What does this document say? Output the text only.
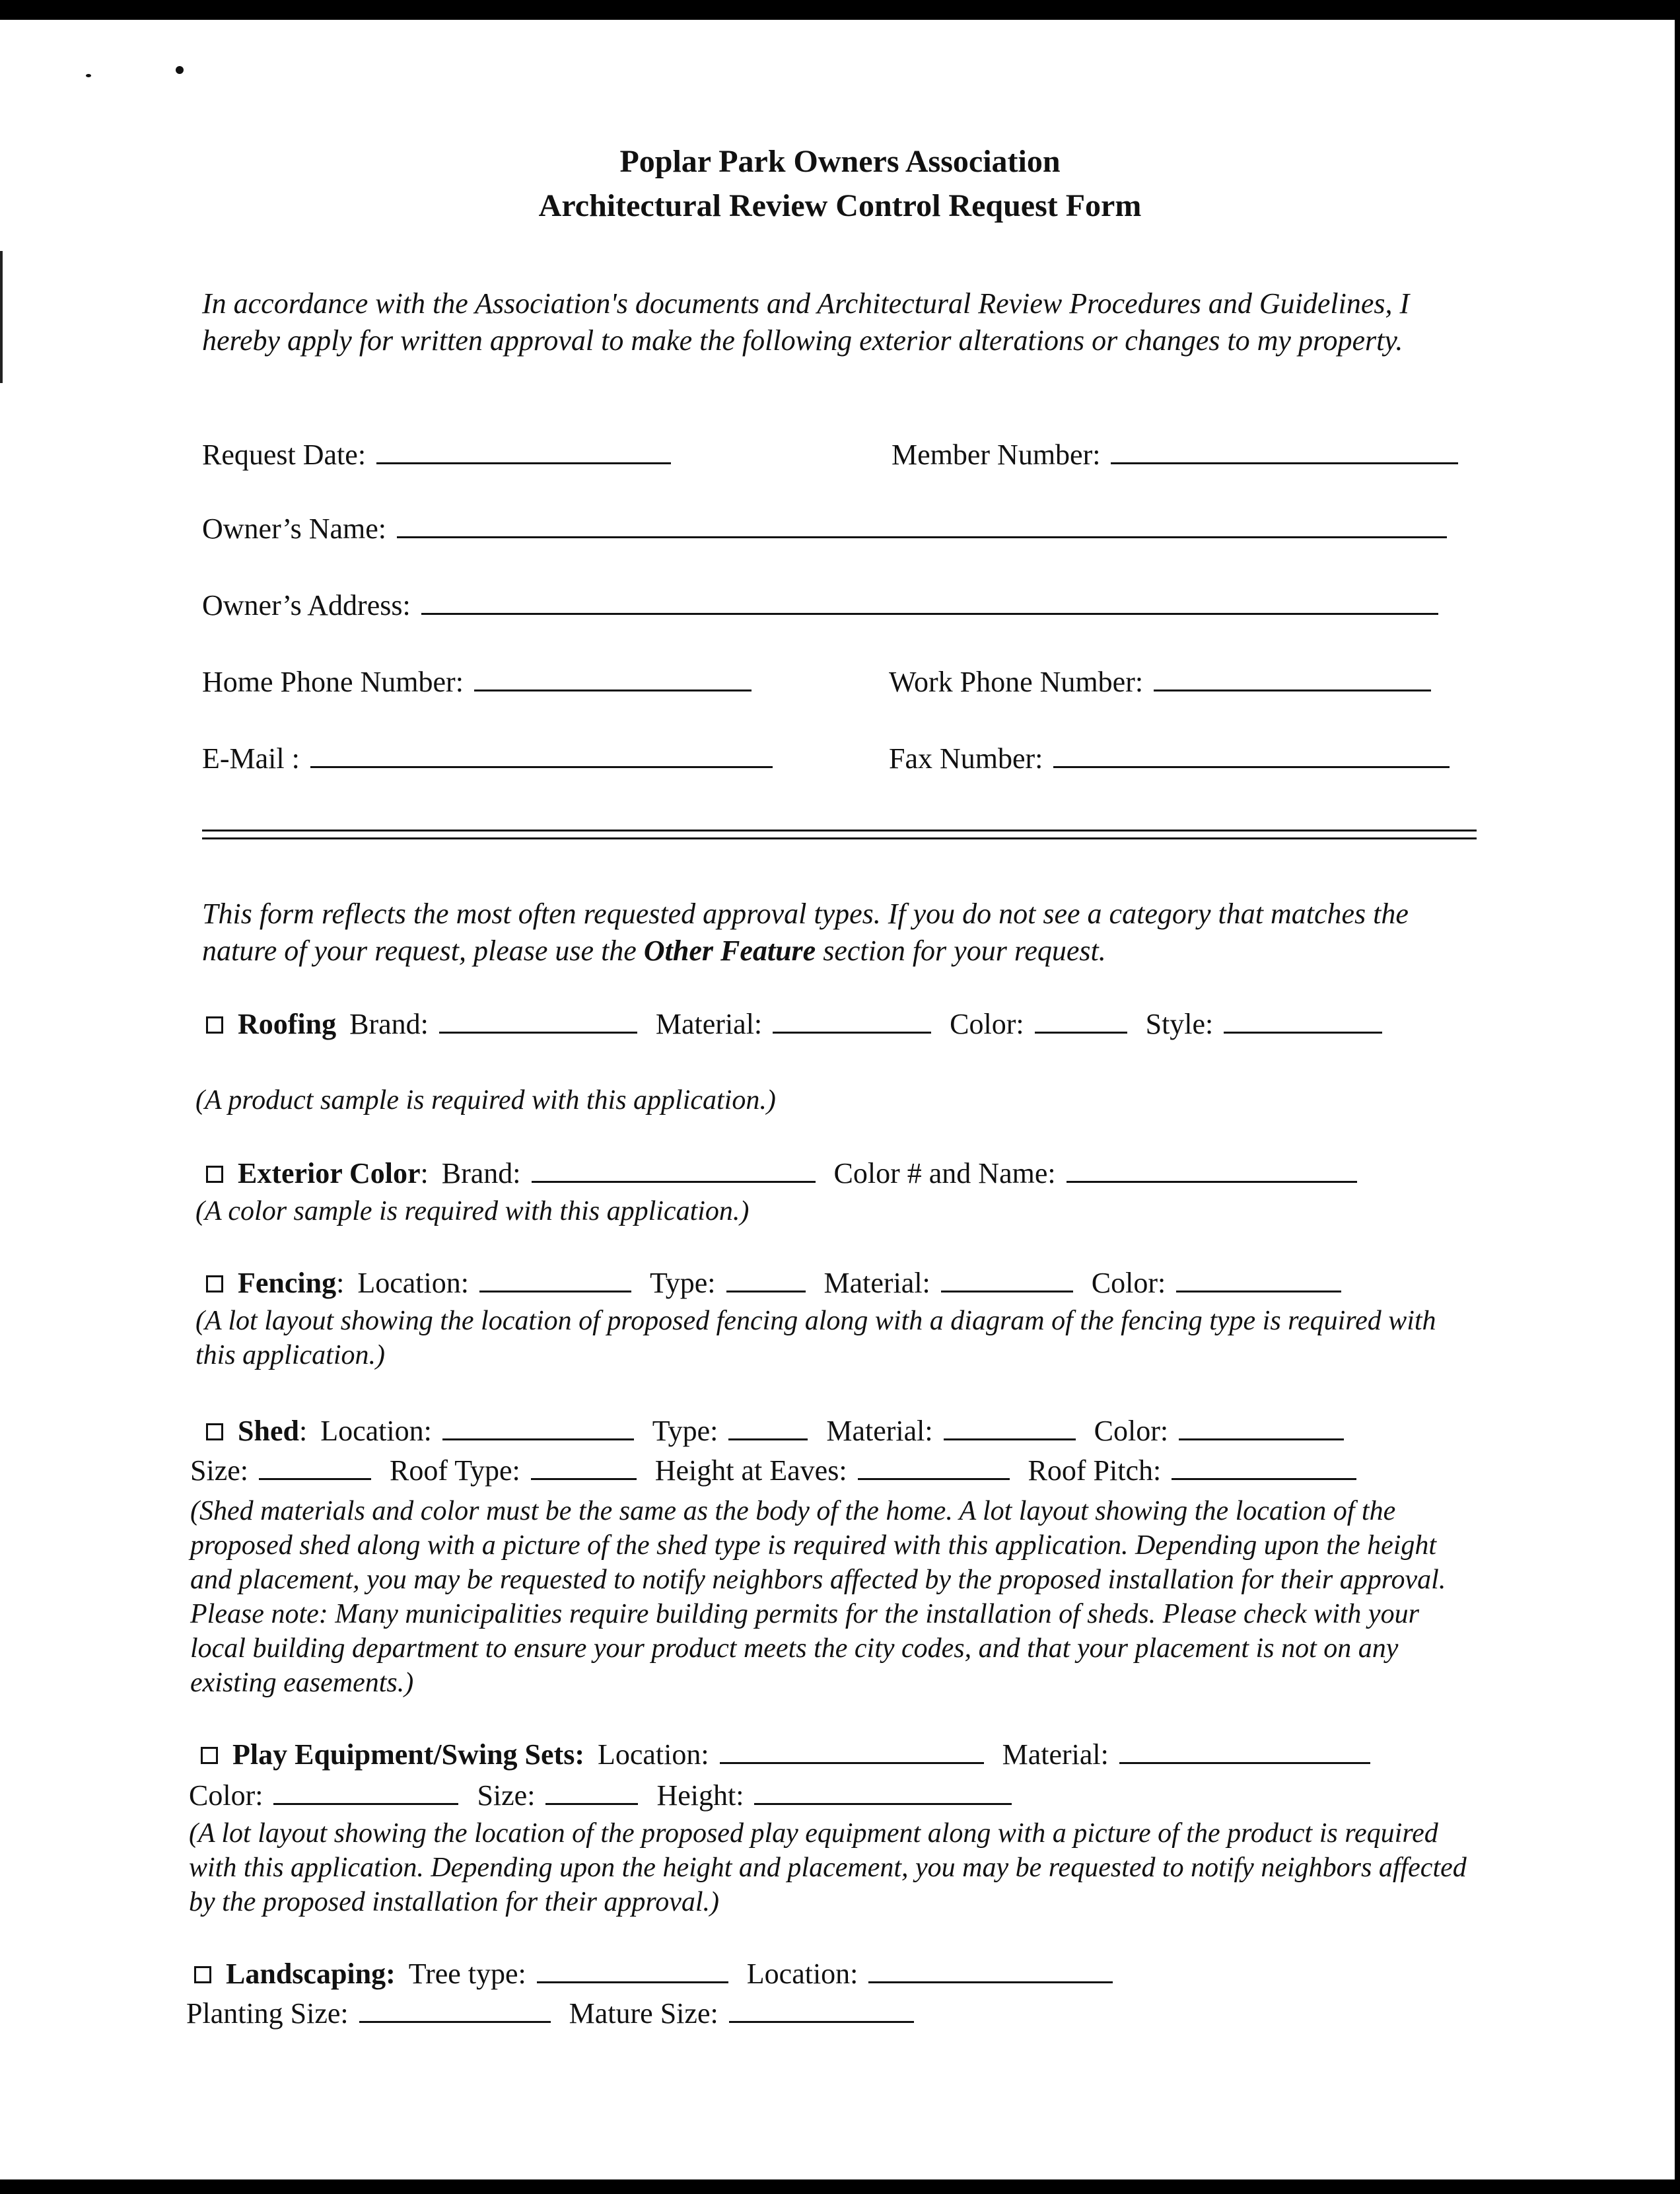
Poplar Park Owners Association
Architectural Review Control Request Form
In accordance with the Association's documents and Architectural Review Procedures and Guidelines, I hereby apply for written approval to make the following exterior alterations or changes to my property.
Request Date:	Member Number:
Owner’s Name:
Owner’s Address:
Home Phone Number:	Work Phone Number:
E-Mail :	Fax Number:
This form reflects the most often requested approval types. If you do not see a category that matches the nature of your request, please use the Other Feature section for your request.
Roofing Brand:	Material:	Color:	Style:
(A product sample is required with this application.)
Exterior Color: Brand:	Color # and Name:
(A color sample is required with this application.)
Fencing: Location:	Type:	Material:	Color:
(A lot layout showing the location of proposed fencing along with a diagram of the fencing type is required with this application.)
Shed: Location:	Type:	Material:	Color:
Size:	Roof Type:	Height at Eaves:	Roof Pitch:
(Shed materials and color must be the same as the body of the home. A lot layout showing the location of the proposed shed along with a picture of the shed type is required with this application. Depending upon the height and placement, you may be requested to notify neighbors affected by the proposed installation for their approval. Please note: Many municipalities require building permits for the installation of sheds. Please check with your local building department to ensure your product meets the city codes, and that your placement is not on any existing easements.)
Play Equipment/Swing Sets: Location:	Material:
Color:	Size:	Height:
(A lot layout showing the location of the proposed play equipment along with a picture of the product is required with this application. Depending upon the height and placement, you may be requested to notify neighbors affected by the proposed installation for their approval.)
Landscaping: Tree type:	Location:
Planting Size:	Mature Size:
